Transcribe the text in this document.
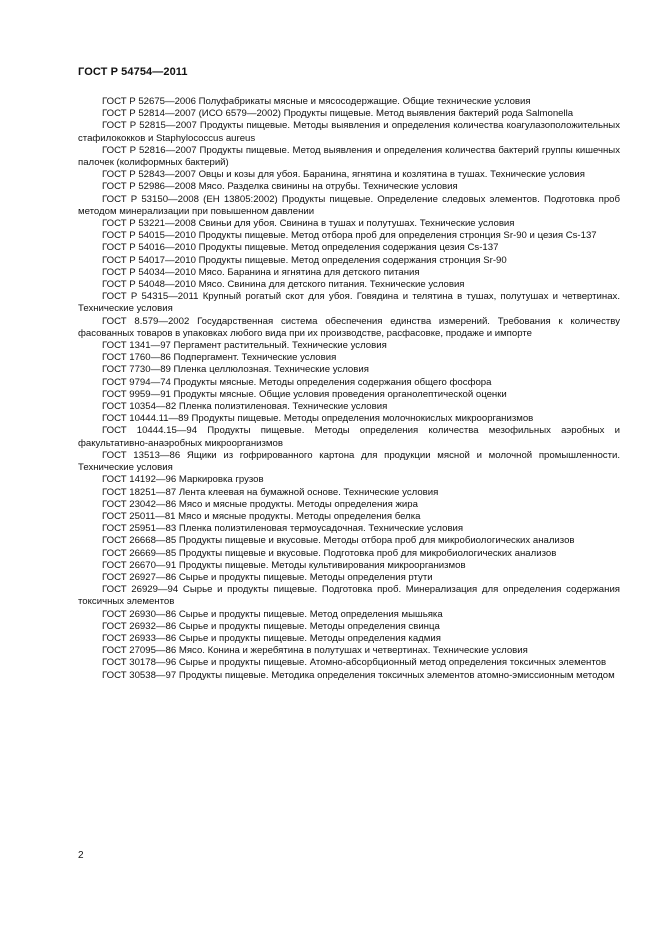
ГОСТ Р 54754—2011

ГОСТ Р 52675—2006 Полуфабрикаты мясные и мясосодержащие. Общие технические условия

ГОСТ Р 52814—2007 (ИСО 6579—2002) Продукты пищевые. Метод выявления бактерий рода Salmonella

ГОСТ Р 52815—2007 Продукты пищевые. Методы выявления и определения количества коагулазоположительных стафилококков и Staphylococcus aureus

ГОСТ Р 52816—2007 Продукты пищевые. Метод выявления и определения количества бактерий группы кишечных палочек (колиформных бактерий)

ГОСТ Р 52843—2007 Овцы и козы для убоя. Баранина, ягнятина и козлятина в тушах. Технические условия

ГОСТ Р 52986—2008 Мясо. Разделка свинины на отрубы. Технические условия

ГОСТ Р 53150—2008 (ЕН 13805:2002) Продукты пищевые. Определение следовых элементов. Подготовка проб методом минерализации при повышенном давлении

ГОСТ Р 53221—2008 Свиньи для убоя. Свинина в тушах и полутушах. Технические условия

ГОСТ Р 54015—2010 Продукты пищевые. Метод отбора проб для определения стронция Sr-90 и цезия Cs-137

ГОСТ Р 54016—2010 Продукты пищевые. Метод определения содержания цезия Cs-137

ГОСТ Р 54017—2010 Продукты пищевые. Метод определения содержания стронция Sr-90

ГОСТ Р 54034—2010 Мясо. Баранина и ягнятина для детского питания

ГОСТ Р 54048—2010 Мясо. Свинина для детского питания. Технические условия

ГОСТ Р 54315—2011 Крупный рогатый скот для убоя. Говядина и телятина в тушах, полутушах и четвертинах. Технические условия

ГОСТ 8.579—2002 Государственная система обеспечения единства измерений. Требования к количеству фасованных товаров в упаковках любого вида при их производстве, расфасовке, продаже и импорте

ГОСТ 1341—97 Пергамент растительный. Технические условия

ГОСТ 1760—86 Подпергамент. Технические условия

ГОСТ 7730—89 Пленка целлюлозная. Технические условия

ГОСТ 9794—74 Продукты мясные. Методы определения содержания общего фосфора

ГОСТ 9959—91 Продукты мясные. Общие условия проведения органолептической оценки

ГОСТ 10354—82 Пленка полиэтиленовая. Технические условия

ГОСТ 10444.11—89 Продукты пищевые. Методы определения молочнокислых микроорганизмов

ГОСТ 10444.15—94 Продукты пищевые. Методы определения количества мезофильных аэробных и факультативно-анаэробных микроорганизмов

ГОСТ 13513—86 Ящики из гофрированного картона для продукции мясной и молочной промышленности. Технические условия

ГОСТ 14192—96 Маркировка грузов

ГОСТ 18251—87 Лента клеевая на бумажной основе. Технические условия

ГОСТ 23042—86 Мясо и мясные продукты. Методы определения жира

ГОСТ 25011—81 Мясо и мясные продукты. Методы определения белка

ГОСТ 25951—83 Пленка полиэтиленовая термоусадочная. Технические условия

ГОСТ 26668—85 Продукты пищевые и вкусовые. Методы отбора проб для микробиологических анализов

ГОСТ 26669—85 Продукты пищевые и вкусовые. Подготовка проб для микробиологических анализов

ГОСТ 26670—91 Продукты пищевые. Методы культивирования микроорганизмов

ГОСТ 26927—86 Сырье и продукты пищевые. Методы определения ртути

ГОСТ 26929—94 Сырье и продукты пищевые. Подготовка проб. Минерализация для определения содержания токсичных элементов

ГОСТ 26930—86 Сырье и продукты пищевые. Метод определения мышьяка

ГОСТ 26932—86 Сырье и продукты пищевые. Методы определения свинца

ГОСТ 26933—86 Сырье и продукты пищевые. Методы определения кадмия

ГОСТ 27095—86 Мясо. Конина и жеребятина в полутушах и четвертинах. Технические условия

ГОСТ 30178—96 Сырье и продукты пищевые. Атомно-абсорбционный метод определения токсичных элементов

ГОСТ 30538—97 Продукты пищевые. Методика определения токсичных элементов атомно-эмиссионным методом

2
